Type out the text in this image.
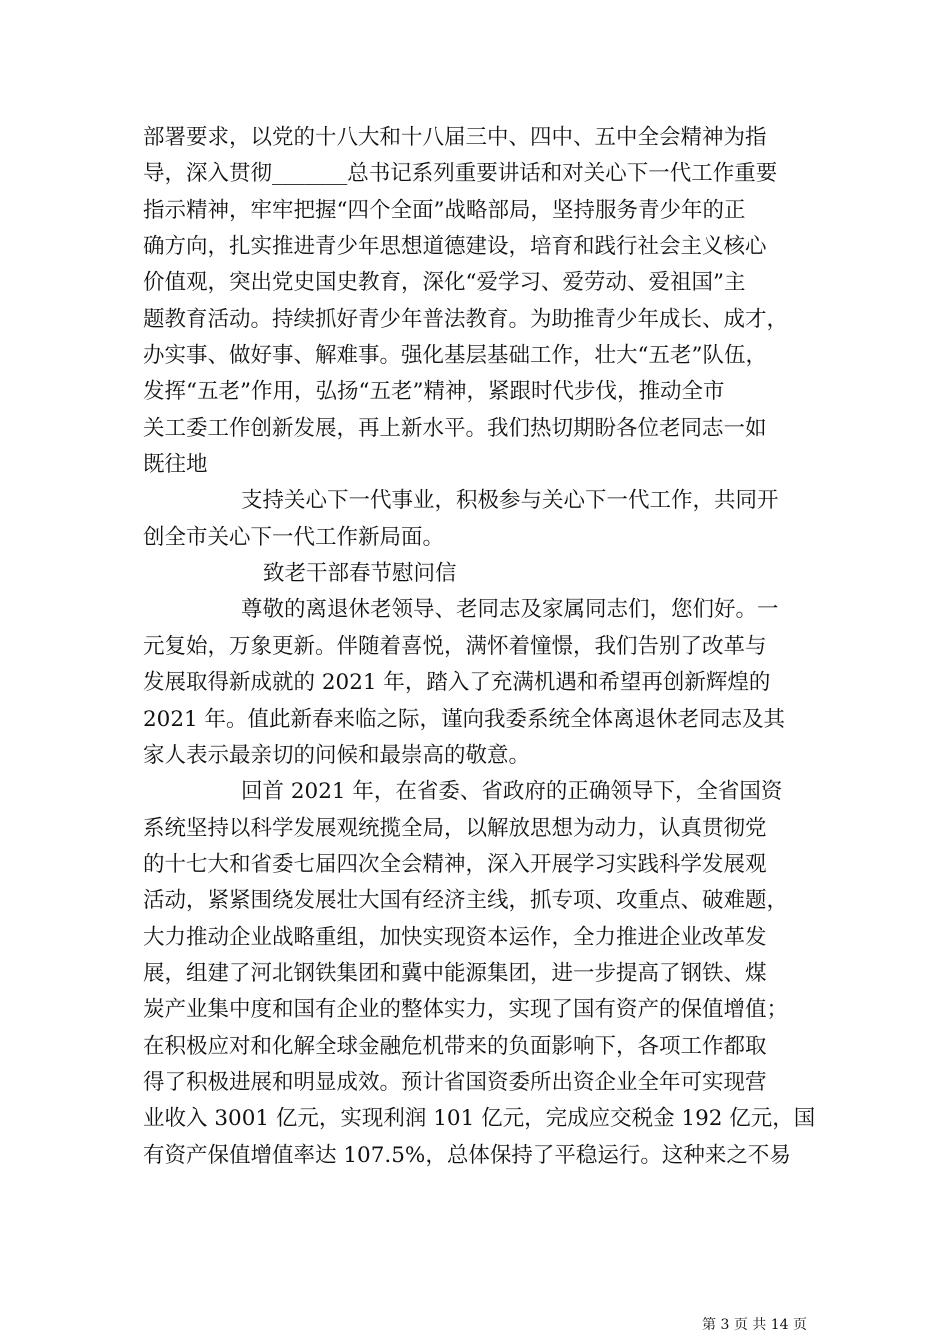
部署要求，以党的十八大和十八届三中、四中、五中全会精神为指
导，深入贯彻_______总书记系列重要讲话和对关心下一代工作重要
指示精神，牢牢把握“四个全面”战略部局，坚持服务青少年的正
确方向，扎实推进青少年思想道德建设，培育和践行社会主义核心
价值观，突出党史国史教育，深化“爱学习、爱劳动、爱祖国”主
题教育活动。持续抓好青少年普法教育。为助推青少年成长、成才，
办实事、做好事、解难事。强化基层基础工作，壮大“五老”队伍，
发挥“五老”作用，弘扬“五老”精神，紧跟时代步伐，推动全市
关工委工作创新发展，再上新水平。我们热切期盼各位老同志一如
既往地
支持关心下一代事业，积极参与关心下一代工作，共同开
创全市关心下一代工作新局面。
致老干部春节慰问信
尊敬的离退休老领导、老同志及家属同志们，您们好。一
元复始，万象更新。伴随着喜悦，满怀着憧憬，我们告别了改革与
发展取得新成就的 2021 年，踏入了充满机遇和希望再创新辉煌的
2021 年。值此新春来临之际，谨向我委系统全体离退休老同志及其
家人表示最亲切的问候和最崇高的敬意。
回首 2021 年，在省委、省政府的正确领导下，全省国资
系统坚持以科学发展观统揽全局，以解放思想为动力，认真贯彻党
的十七大和省委七届四次全会精神，深入开展学习实践科学发展观
活动，紧紧围绕发展壮大国有经济主线，抓专项、攻重点、破难题，
大力推动企业战略重组，加快实现资本运作，全力推进企业改革发
展，组建了河北钢铁集团和冀中能源集团，进一步提高了钢铁、煤
炭产业集中度和国有企业的整体实力，实现了国有资产的保值增值；
在积极应对和化解全球金融危机带来的负面影响下，各项工作都取
得了积极进展和明显成效。预计省国资委所出资企业全年可实现营
业收入 3001 亿元，实现利润 101 亿元，完成应交税金 192 亿元，国
有资产保值增值率达 107.5%，总体保持了平稳运行。这种来之不易
第 3 页 共 14 页
